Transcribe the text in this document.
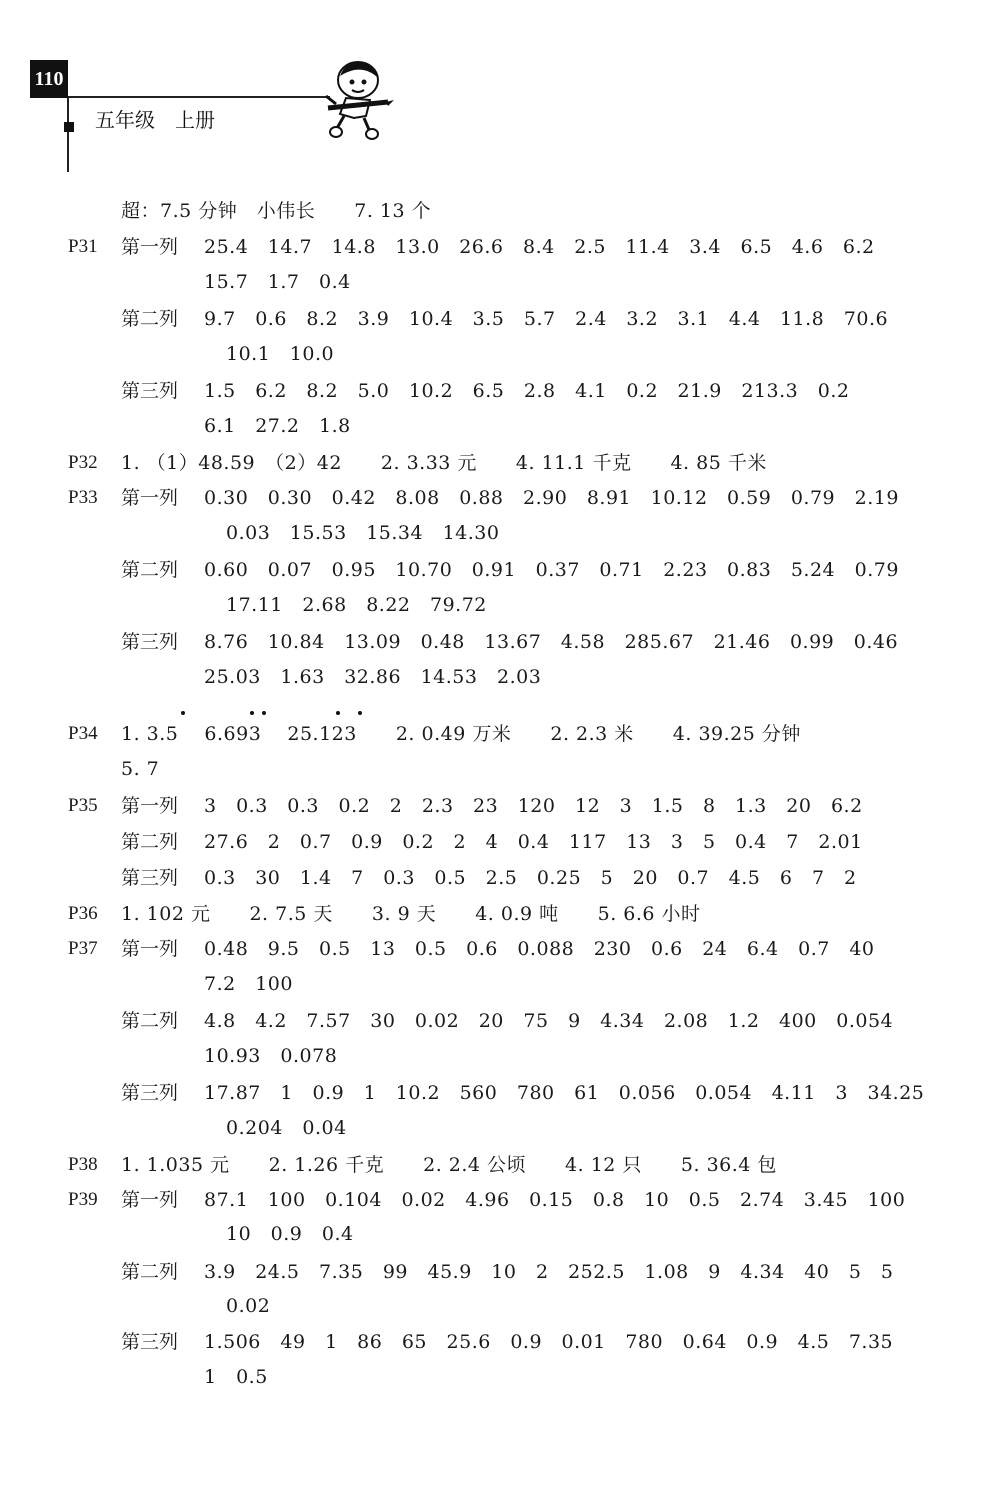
110
五年级　上册
超：7.5 分钟　小伟长　　7. 13 个
P31 第一列 25.4　14.7　14.8　13.0　26.6　8.4　2.5　11.4　3.4　6.5　4.6　6.2
15.7　1.7　0.4
第二列 9.7　0.6　8.2　3.9　10.4　3.5　5.7　2.4　3.2　3.1　4.4　11.8　70.6
10.1　10.0
第三列 1.5　6.2　8.2　5.0　10.2　6.5　2.8　4.1　0.2　21.9　213.3　0.2
6.1　27.2　1.8
P32 1. （1）48.59　（2）42　　2. 3.33 元　　4. 11.1 千克　　4. 85 千米
P33 第一列 0.30　0.30　0.42　8.08　0.88　2.90　8.91　10.12　0.59　0.79　2.19
0.03　15.53　15.34　14.30
第二列 0.60　0.07　0.95　10.70　0.91　0.37　0.71　2.23　0.83　5.24　0.79
17.11　2.68　8.22　79.72
第三列 8.76　10.84　13.09　0.48　13.67　4.58　285.67　21.46　0.99　0.46
25.03　1.63　32.86　14.53　2.03
P34 1. 3.5　 6.693　 25.123　　2. 0.49 万米　　2. 2.3 米　　4. 39.25 分钟
5. 7
P35 第一列 3　0.3　0.3　0.2　2　2.3　23　120　12　3　1.5　8　1.3　20　6.2
第二列 27.6　2　0.7　0.9　0.2　2　4　0.4　117　13　3　5　0.4　7　2.01
第三列 0.3　30　1.4　7　0.3　0.5　2.5　0.25　5　20　0.7　4.5　6　7　2
P36 1. 102 元　　2. 7.5 天　　3. 9 天　　4. 0.9 吨　　5. 6.6 小时
P37 第一列 0.48　9.5　0.5　13　0.5　0.6　0.088　230　0.6　24　6.4　0.7　40
7.2　100
第二列 4.8　4.2　7.57　30　0.02　20　75　9　4.34　2.08　1.2　400　0.054
10.93　0.078
第三列 17.87　1　0.9　1　10.2　560　780　61　0.056　0.054　4.11　3　34.25
0.204　0.04
P38 1. 1.035 元　　2. 1.26 千克　　2. 2.4 公顷　　4. 12 只　　5. 36.4 包
P39 第一列 87.1　100　0.104　0.02　4.96　0.15　0.8　10　0.5　2.74　3.45　100
10　0.9　0.4
第二列 3.9　24.5　7.35　99　45.9　10　2　252.5　1.08　9　4.34　40　5　5
0.02
第三列 1.506　49　1　86　65　25.6　0.9　0.01　780　0.64　0.9　4.5　7.35
1　0.5
